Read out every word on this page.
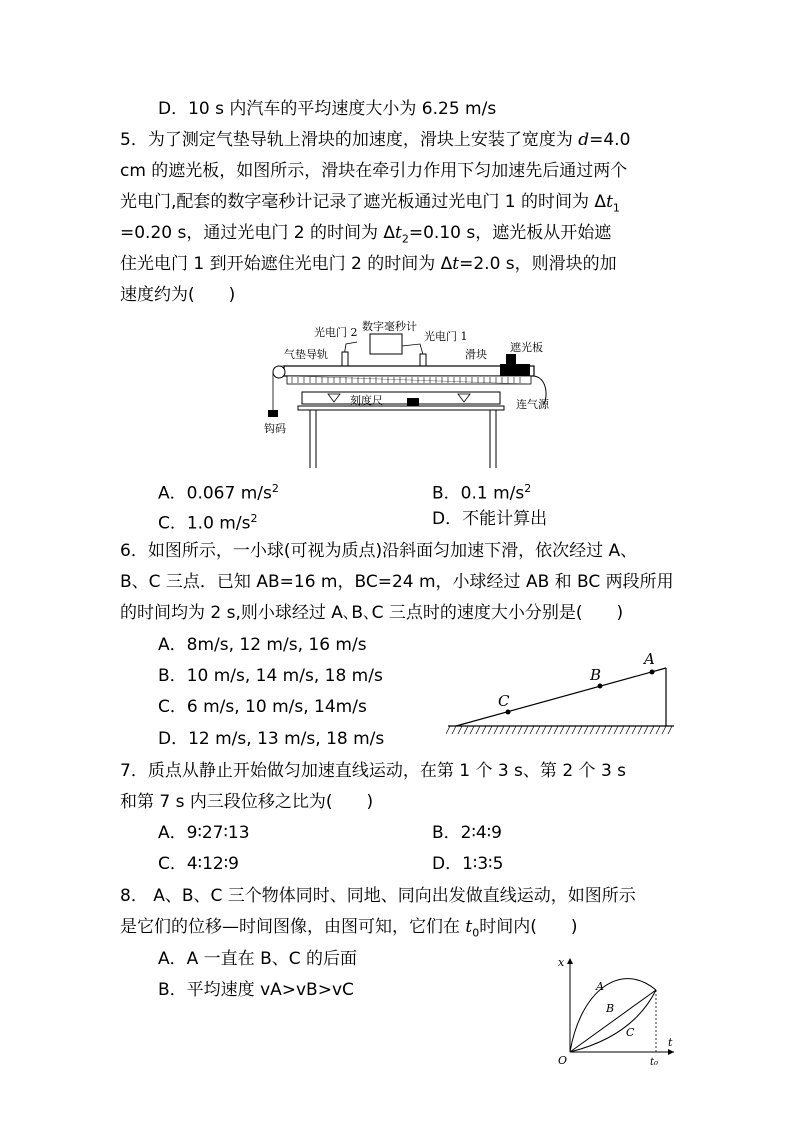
D．10 s 内汽车的平均速度大小为 6.25 m/s
5．为了测定气垫导轨上滑块的加速度，滑块上安装了宽度为 d=4.0
cm 的遮光板，如图所示，滑块在牵引力作用下匀加速先后通过两个
光电门,配套的数字毫秒计记录了遮光板通过光电门 1 的时间为 $\Delta t_1$
=0.20 s，通过光电门 2 的时间为 $\Delta t_2=0.10$ s，遮光板从开始遮
住光电门 1 到开始遮住光电门 2 的时间为 Δt=2.0 s，则滑块的加
速度约为(　　)
光电门 2 数字毫秒计
光电门 1
气垫导轨	滑块
遮光板
刻度尺	连气源
钩码
A．0.067 $m/s^2$	B．0.1 $m/s^2$
C．1.0 $m/s^2$	D．不能计算出
6．如图所示，一小球(可视为质点)沿斜面匀加速下滑，依次经过 A、
B、C 三点．已知 AB=16 m，BC=24 m，小球经过 AB 和 BC 两段所用
的时间均为 2 s,则小球经过 A､B､C 三点时的速度大小分别是(　　)
A．8m/s, 12 m/s, 16 m/s
B．10 m/s, 14 m/s, 18 m/s
C．6 m/s, 10 m/s, 14m/s
D．12 m/s, 13 m/s, 18 m/s
A
B
C
7．质点从静止开始做匀加速直线运动，在第 1 个 3 s、第 2 个 3 s
和第 7 s 内三段位移之比为(　　)
A．9∶27∶13	B．2∶4∶9
C．4∶12∶9	D．1∶3∶5
8． A、B、C 三个物体同时、同地、同向出发做直线运动，如图所示
是它们的位移—时间图像，由图可知，它们在 $t_0$时间内(　　)
A．A 一直在 B、C 的后面
B．平均速度 vA>vB>vC
x
t
O
A
B
C
t₀
